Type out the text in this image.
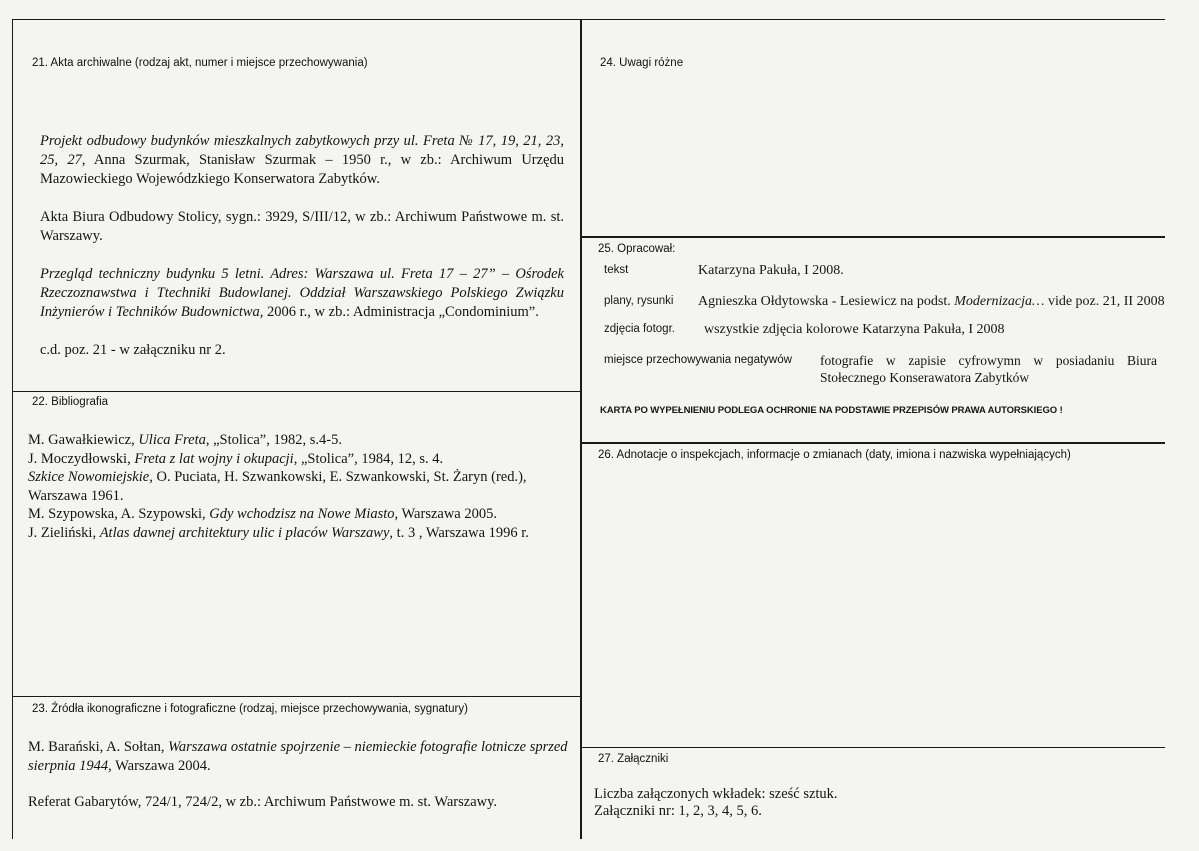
21. Akta archiwalne (rodzaj akt, numer i miejsce przechowywania)

Projekt odbudowy budynków mieszkalnych zabytkowych przy ul. Freta № 17, 19, 21, 23, 25, 27, Anna Szurmak, Stanisław Szurmak – 1950 r., w zb.: Archiwum Urzędu Mazowieckiego Wojewódzkiego Konserwatora Zabytków.

Akta Biura Odbudowy Stolicy, sygn.: 3929, S/III/12, w zb.: Archiwum Państwowe m. st. Warszawy.

Przegląd techniczny budynku 5 letni. Adres: Warszawa ul. Freta 17 – 27” – Ośrodek Rzeczoznawstwa i Ttechniki Budowlanej. Oddział Warszawskiego Polskiego Związku Inżynierów i Techników Budownictwa, 2006 r., w zb.: Administracja „Condominium”.

c.d. poz. 21 - w załączniku nr 2.

22. Bibliografia

M. Gawałkiewicz, Ulica Freta, „Stolica”, 1982, s.4-5.

J. Moczydłowski, Freta z lat wojny i okupacji, „Stolica”, 1984, 12, s. 4.

Szkice Nowomiejskie, O. Puciata, H. Szwankowski, E. Szwankowski, St. Żaryn (red.), Warszawa 1961.

M. Szypowska, A. Szypowski, Gdy wchodzisz na Nowe Miasto, Warszawa 2005.

J. Zieliński, Atlas dawnej architektury ulic i placów Warszawy, t. 3 , Warszawa 1996 r.

23. Źródła ikonograficzne i fotograficzne (rodzaj, miejsce przechowywania, sygnatury)

M. Barański, A. Sołtan, Warszawa ostatnie spojrzenie – niemieckie fotografie lotnicze sprzed sierpnia 1944, Warszawa 2004.

Referat Gabarytów, 724/1, 724/2, w zb.: Archiwum Państwowe m. st. Warszawy.

24. Uwagi różne
25. Opracował:
tekst	Katarzyna Pakuła, I 2008.
plany, rysunki Agnieszka Ołdytowska - Lesiewicz na podst. Modernizacja… vide poz. 21, II 2008
zdjęcia fotogr. wszystkie zdjęcia kolorowe Katarzyna Pakuła, I 2008
miejsce przechowywania negatywów fotografie w zapisie cyfrowymn w posiadaniu Biura Stołecznego Konserawatora Zabytków
KARTA PO WYPEŁNIENIU PODLEGA OCHRONIE NA PODSTAWIE PRZEPISÓW PRAWA AUTORSKIEGO !
26. Adnotacje o inspekcjach, informacje o zmianach (daty, imiona i nazwiska wypełniających)
27. Załączniki

Liczba załączonych wkładek: sześć sztuk.

Załączniki nr: 1, 2, 3, 4, 5, 6.
